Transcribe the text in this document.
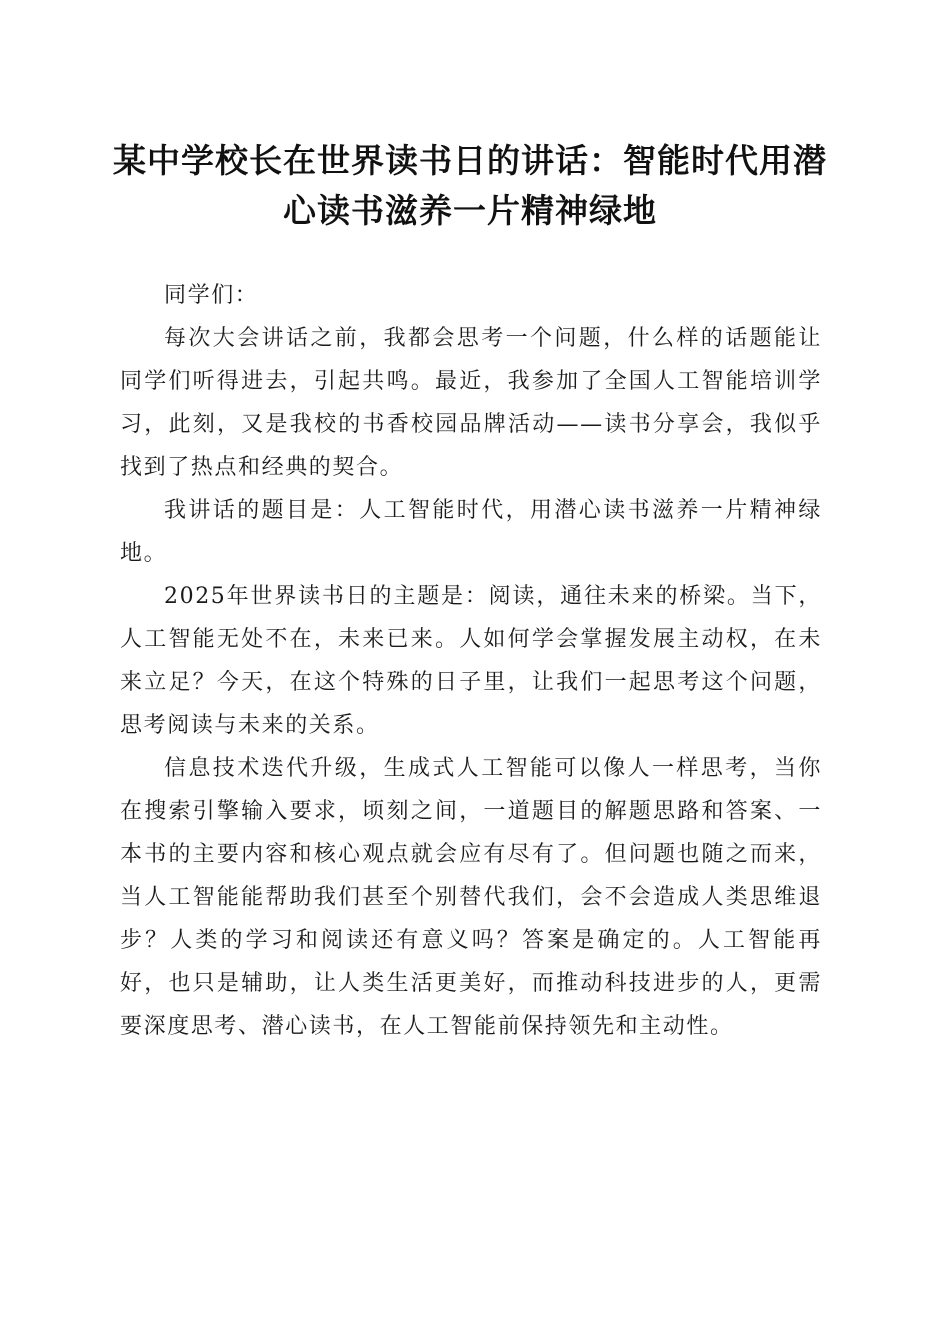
某中学校长在世界读书日的讲话：智能时代用潜心读书滋养一片精神绿地

同学们：

每次大会讲话之前，我都会思考一个问题，什么样的话题能让同学们听得进去，引起共鸣。最近，我参加了全国人工智能培训学习，此刻，又是我校的书香校园品牌活动——读书分享会，我似乎找到了热点和经典的契合。

我讲话的题目是：人工智能时代，用潜心读书滋养一片精神绿地。

2025年世界读书日的主题是：阅读，通往未来的桥梁。当下，人工智能无处不在，未来已来。人如何学会掌握发展主动权，在未来立足？今天，在这个特殊的日子里，让我们一起思考这个问题，思考阅读与未来的关系。

信息技术迭代升级，生成式人工智能可以像人一样思考，当你在搜索引擎输入要求，顷刻之间，一道题目的解题思路和答案、一本书的主要内容和核心观点就会应有尽有了。但问题也随之而来，当人工智能能帮助我们甚至个别替代我们，会不会造成人类思维退步？人类的学习和阅读还有意义吗？答案是确定的。人工智能再好，也只是辅助，让人类生活更美好，而推动科技进步的人，更需要深度思考、潜心读书，在人工智能前保持领先和主动性。
